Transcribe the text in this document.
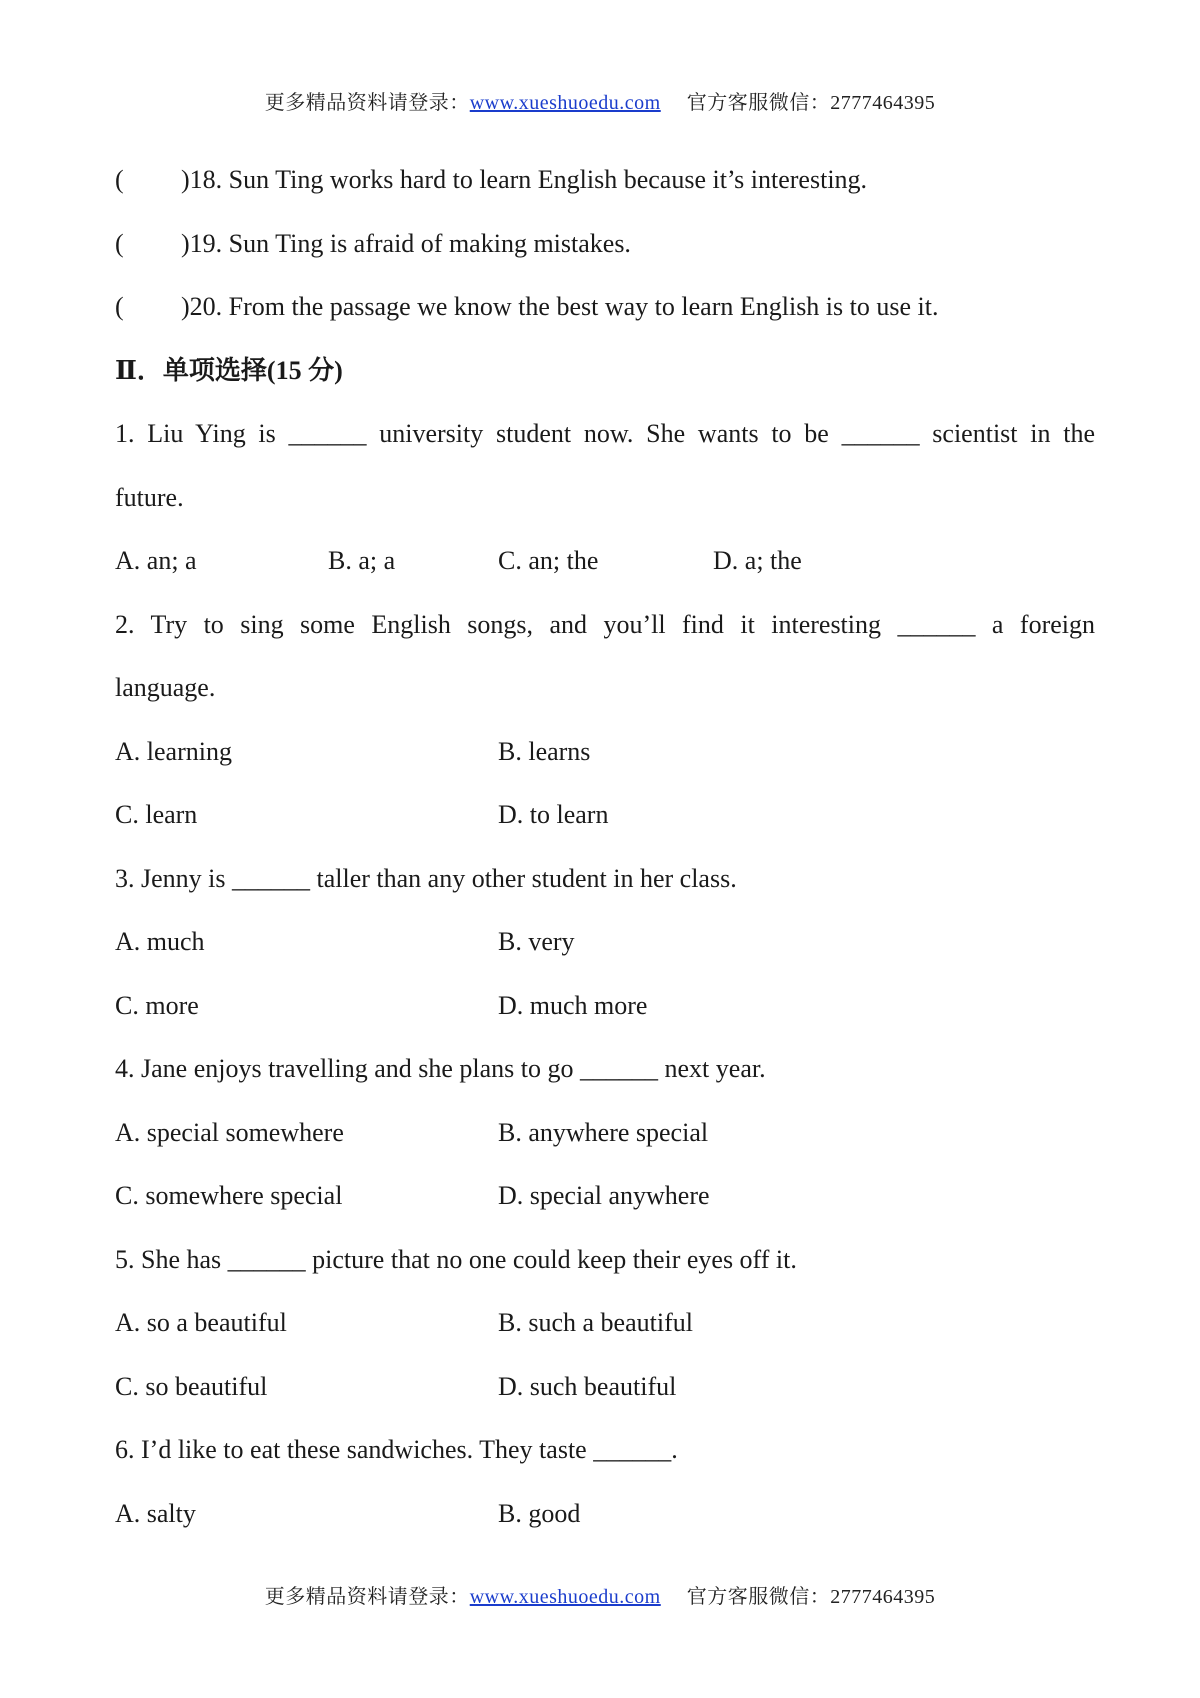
更多精品资料请登录：www.xueshuoedu.com 官方客服微信：2777464395
( )18. Sun Ting works hard to learn English because it’s interesting.
( )19. Sun Ting is afraid of making mistakes.
( )20. From the passage we know the best way to learn English is to use it.
Ⅱ．单项选择(15 分)
1. Liu Ying is ______ university student now. She wants to be ______ scientist in the
future.
A. an; a	B. a; a	C. an; the	D. a; the
2. Try to sing some English songs, and you’ll find it interesting ______ a foreign
language.
A. learning	B. learns
C. learn	D. to learn
3. Jenny is ______ taller than any other student in her class.
A. much	B. very
C. more	D. much more
4. Jane enjoys travelling and she plans to go ______ next year.
A. special somewhere	B. anywhere special
C. somewhere special	D. special anywhere
5. She has ______ picture that no one could keep their eyes off it.
A. so a beautiful	B. such a beautiful
C. so beautiful	D. such beautiful
6. I’d like to eat these sandwiches. They taste ______.
A. salty	B. good
更多精品资料请登录：www.xueshuoedu.com 官方客服微信：2777464395
